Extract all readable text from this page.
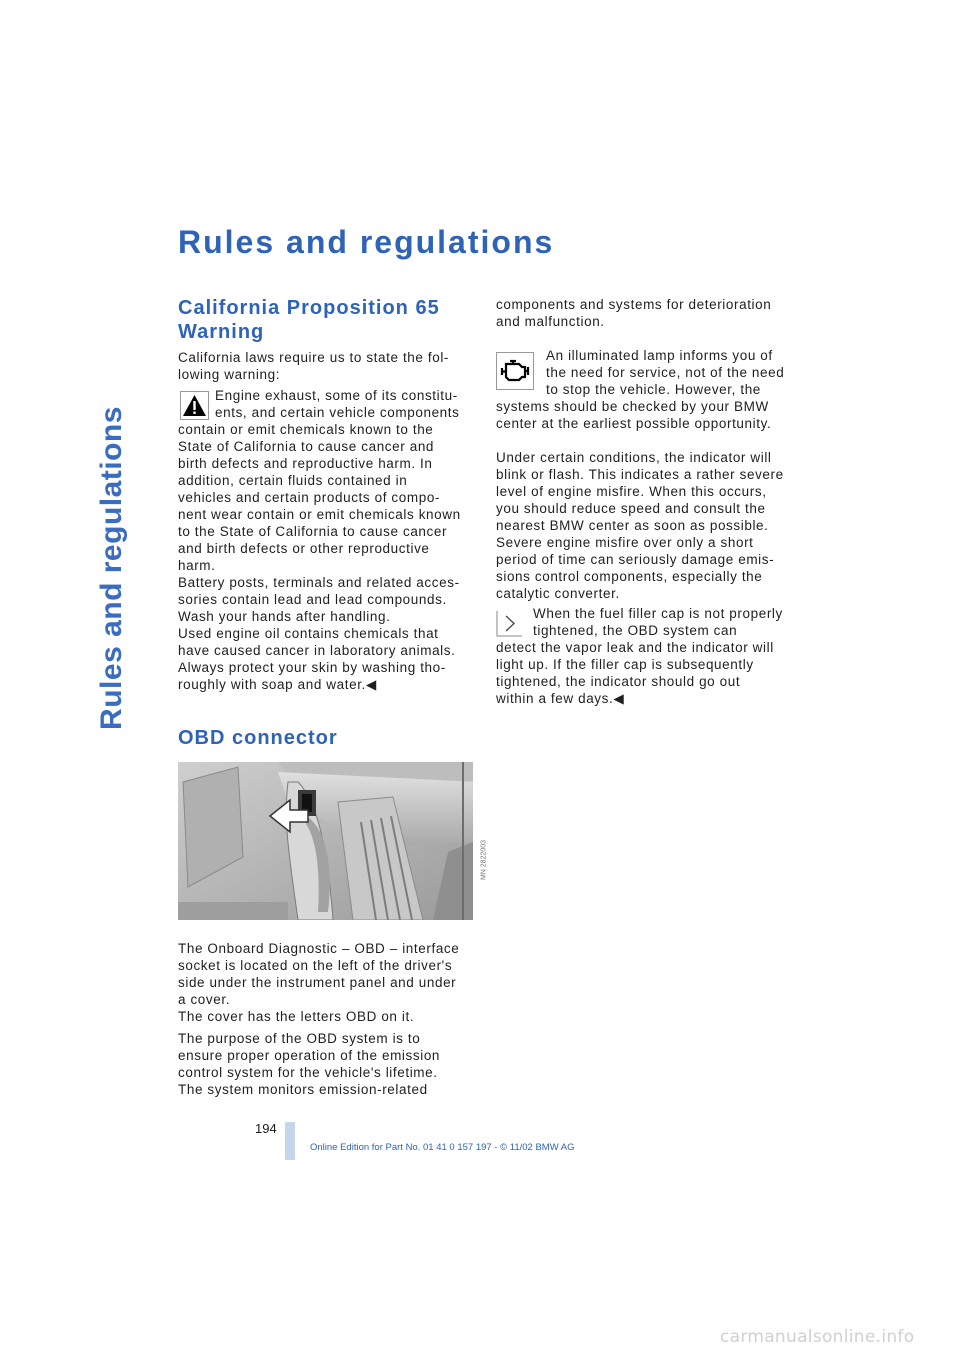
Rules and regulations
Rules and regulations
California Proposition 65
Warning

California laws require us to state the fol-
lowing warning:

Engine exhaust, some of its constitu-
ents, and certain vehicle components
contain or emit chemicals known to the
State of California to cause cancer and
birth defects and reproductive harm. In
addition, certain fluids contained in
vehicles and certain products of compo-
nent wear contain or emit chemicals known
to the State of California to cause cancer
and birth defects or other reproductive
harm.
Battery posts, terminals and related acces-
sories contain lead and lead compounds.
Wash your hands after handling.
Used engine oil contains chemicals that
have caused cancer in laboratory animals.
Always protect your skin by washing tho-
roughly with soap and water.◀

OBD connector
MN 2822003

The Onboard Diagnostic – OBD – interface
socket is located on the left of the driver's
side under the instrument panel and under
a cover.
The cover has the letters OBD on it.

The purpose of the OBD system is to
ensure proper operation of the emission
control system for the vehicle's lifetime.
The system monitors emission-related

components and systems for deterioration
and malfunction.

An illuminated lamp informs you of
the need for service, not of the need
to stop the vehicle. However, the
systems should be checked by your BMW
center at the earliest possible opportunity.

Under certain conditions, the indicator will
blink or flash. This indicates a rather severe
level of engine misfire. When this occurs,
you should reduce speed and consult the
nearest BMW center as soon as possible.
Severe engine misfire over only a short
period of time can seriously damage emis-
sions control components, especially the
catalytic converter.

When the fuel filler cap is not properly
tightened, the OBD system can
detect the vapor leak and the indicator will
light up. If the filler cap is subsequently
tightened, the indicator should go out
within a few days.◀

194
Online Edition for Part No. 01 41 0 157 197 - © 11/02 BMW AG
carmanualsonline.info
